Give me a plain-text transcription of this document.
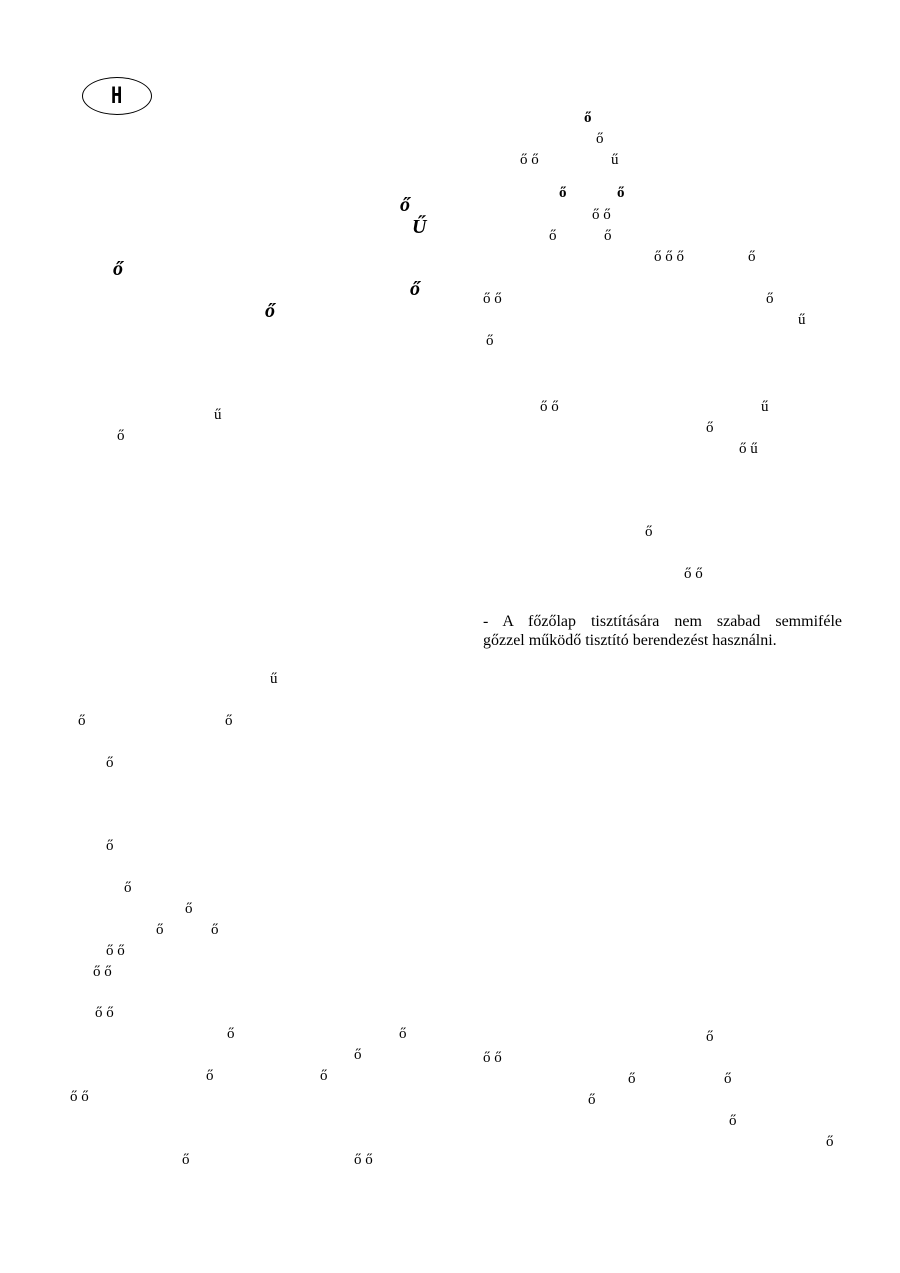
H
ő
ő
ő ő	ű
ő	ő
ő ő
ő	ő
ő ő ő	ő
ő ő	ő
ű
ő
ő ő	ű
ő
ő ű
ő
ő ő
ő
Ű
ő
ő
ő
ű
ő
ű
ő	ő
ő
ő
ő
ő
ő	ő
ő ő
ő ő
ő ő
ő	ő
ő
ő	ő
ő ő
ő	ő ő
ő
ő ő
ő	ő
ő
ő
ő
- A főzőlap tisztítására nem szabad semmiféle
gőzzel működő tisztító berendezést használni.
